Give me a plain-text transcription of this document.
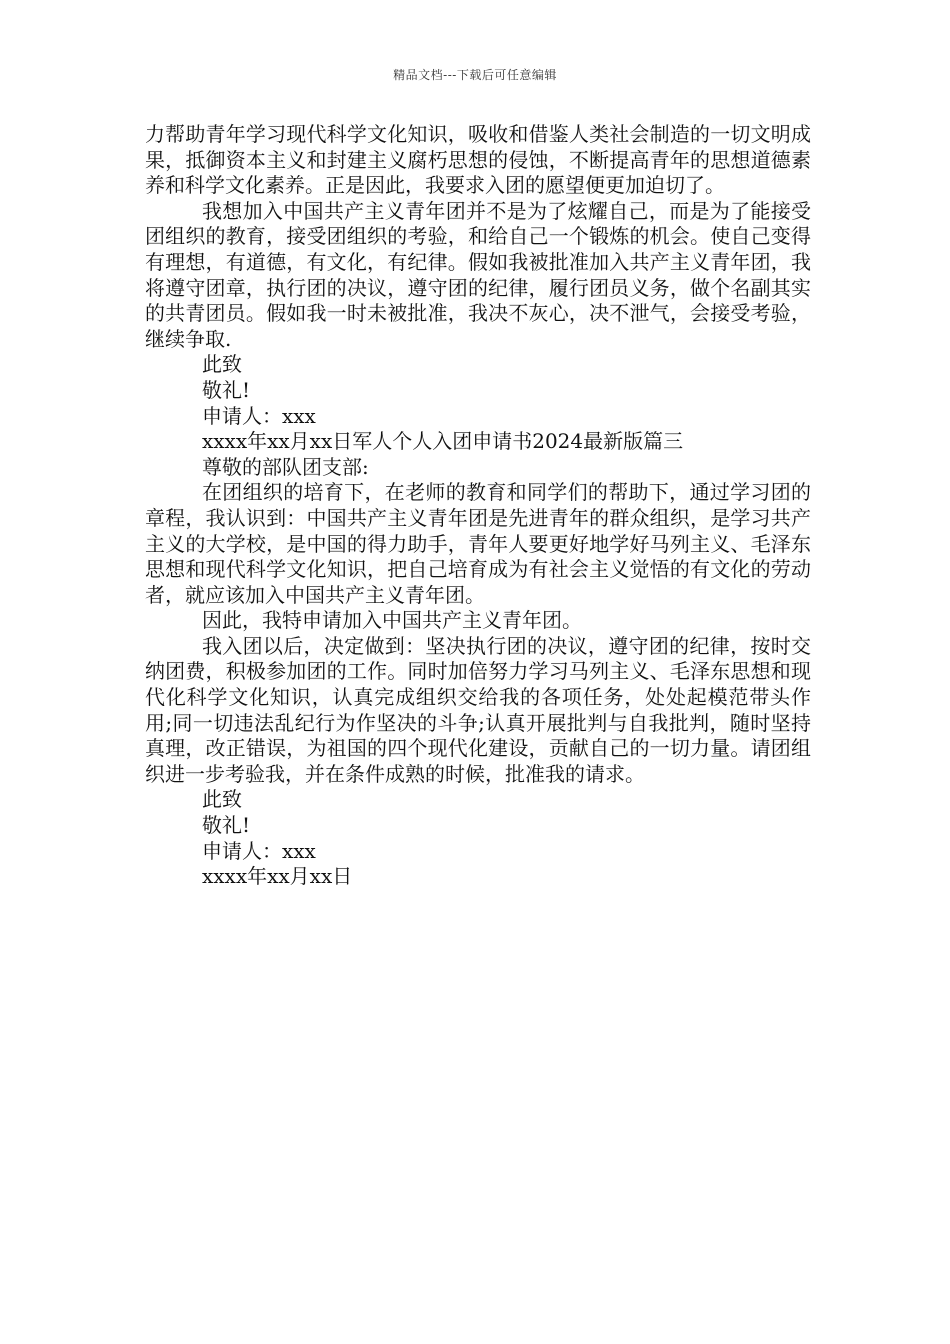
精品文档---下载后可任意编辑

力帮助青年学习现代科学文化知识，吸收和借鉴人类社会制造的一切文明成果，抵御资本主义和封建主义腐朽思想的侵蚀，不断提高青年的思想道德素养和科学文化素养。正是因此，我要求入团的愿望便更加迫切了。

我想加入中国共产主义青年团并不是为了炫耀自己，而是为了能接受团组织的教育，接受团组织的考验，和给自己一个锻炼的机会。使自己变得有理想，有道德，有文化，有纪律。假如我被批准加入共产主义青年团，我将遵守团章，执行团的决议，遵守团的纪律，履行团员义务，做个名副其实的共青团员。假如我一时未被批准，我决不灰心，决不泄气，会接受考验，继续争取.

此致

敬礼!

申请人：xxx

xxxx年xx月xx日军人个人入团申请书2024最新版篇三

尊敬的部队团支部:

在团组织的培育下，在老师的教育和同学们的帮助下，通过学习团的章程，我认识到：中国共产主义青年团是先进青年的群众组织，是学习共产主义的大学校，是中国的得力助手，青年人要更好地学好马列主义、毛泽东思想和现代科学文化知识，把自己培育成为有社会主义觉悟的有文化的劳动者，就应该加入中国共产主义青年团。

因此，我特申请加入中国共产主义青年团。

我入团以后，决定做到：坚决执行团的决议，遵守团的纪律，按时交纳团费，积极参加团的工作。同时加倍努力学习马列主义、毛泽东思想和现代化科学文化知识，认真完成组织交给我的各项任务，处处起模范带头作用;同一切违法乱纪行为作坚决的斗争;认真开展批判与自我批判，随时坚持真理，改正错误，为祖国的四个现代化建设，贡献自己的一切力量。请团组织进一步考验我，并在条件成熟的时候，批准我的请求。

此致

敬礼!

申请人：xxx

xxxx年xx月xx日
